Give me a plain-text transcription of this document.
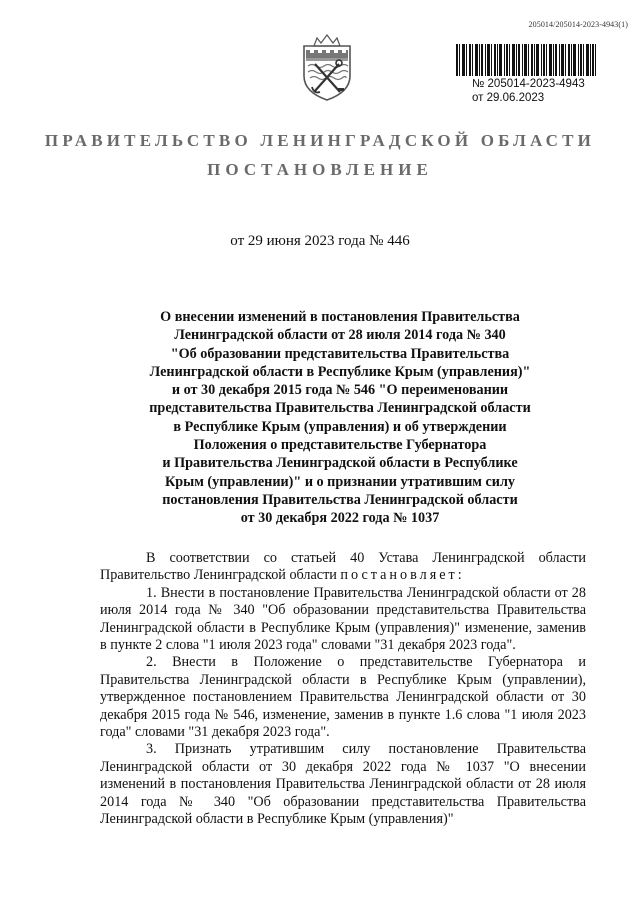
205014/205014-2023-4943(1)
№ 205014-2023-4943
от 29.06.2023
ПРАВИТЕЛЬСТВО ЛЕНИНГРАДСКОЙ ОБЛАСТИ
ПОСТАНОВЛЕНИЕ
от 29 июня 2023 года № 446
О внесении изменений в постановления Правительства
Ленинградской области от 28 июля 2014 года № 340
"Об образовании представительства Правительства
Ленинградской области в Республике Крым (управления)"
и от 30 декабря 2015 года № 546 "О переименовании
представительства Правительства Ленинградской области
в Республике Крым (управления) и об утверждении
Положения о представительстве Губернатора
и Правительства Ленинградской области в Республике
Крым (управлении)" и о признании утратившим силу
постановления Правительства Ленинградской области
от 30 декабря 2022 года № 1037

В соответствии со статьей 40 Устава Ленинградской области Правительство Ленинградской области постановляет:

1. Внести в постановление Правительства Ленинградской области от 28 июля 2014 года № 340 "Об образовании представительства Правительства Ленинградской области в Республике Крым (управления)" изменение, заменив в пункте 2 слова "1 июля 2023 года" словами "31 декабря 2023 года".

2. Внести в Положение о представительстве Губернатора и Правительства Ленинградской области в Республике Крым (управлении), утвержденное постановлением Правительства Ленинградской области от 30 декабря 2015 года № 546, изменение, заменив в пункте 1.6 слова "1 июля 2023 года" словами "31 декабря 2023 года".

3. Признать утратившим силу постановление Правительства Ленинградской области от 30 декабря 2022 года № 1037 "О внесении изменений в постановления Правительства Ленинградской области от 28 июля 2014 года № 340 "Об образовании представительства Правительства Ленинградской области в Республике Крым (управления)"
